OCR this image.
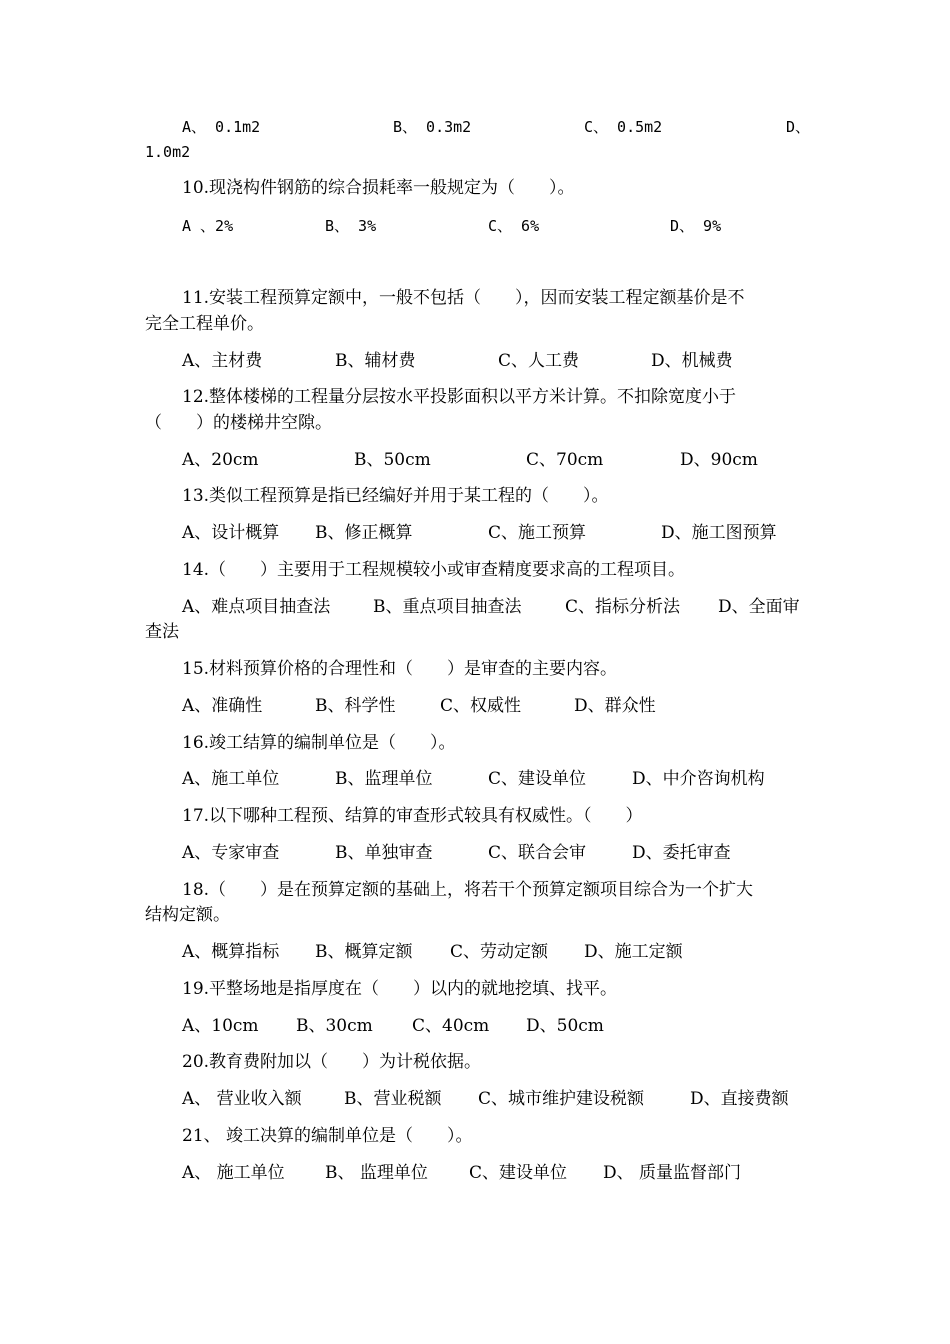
A、 0.1m2	B、 0.3m2	C、 0.5m2	D、
1.0m2
10.现浇构件钢筋的综合损耗率一般规定为（　　）。
A 、2%	B、 3%	C、 6%	D、 9%
11.安装工程预算定额中，一般不包括（　　），因而安装工程定额基价是不
完全工程单价。
A、主材费	B、辅材费	C、人工费	D、机械费
12.整体楼梯的工程量分层按水平投影面积以平方米计算。不扣除宽度小于
（　　）的楼梯井空隙。
A、20cm	B、50cm	C、70cm	D、90cm
13.类似工程预算是指已经编好并用于某工程的（　　）。
A、设计概算 B、修正概算	C、施工预算	D、施工图预算
14.（　　）主要用于工程规模较小或审查精度要求高的工程项目。
A、难点项目抽查法	B、重点项目抽查法	C、指标分析法 D、全面审
查法
15.材料预算价格的合理性和（　　）是审查的主要内容。
A、准确性	B、科学性	C、权威性	D、群众性
16.竣工结算的编制单位是（　　）。
A、施工单位	B、监理单位	C、建设单位	D、中介咨询机构
17.以下哪种工程预、结算的审查形式较具有权威性。（　　）
A、专家审查	B、单独审查	C、联合会审	D、委托审查
18.（　　）是在预算定额的基础上，将若干个预算定额项目综合为一个扩大
结构定额。
A、概算指标 B、概算定额 C、劳动定额 D、施工定额
19.平整场地是指厚度在（　　）以内的就地挖填、找平。
A、10cm B、30cm C、40cm D、50cm
20.教育费附加以（　　）为计税依据。
A、 营业收入额 B、营业税额 C、城市维护建设税额	D、直接费额
21、 竣工决算的编制单位是（　　）。
A、 施工单位 B、 监理单位 C、建设单位 D、 质量监督部门
